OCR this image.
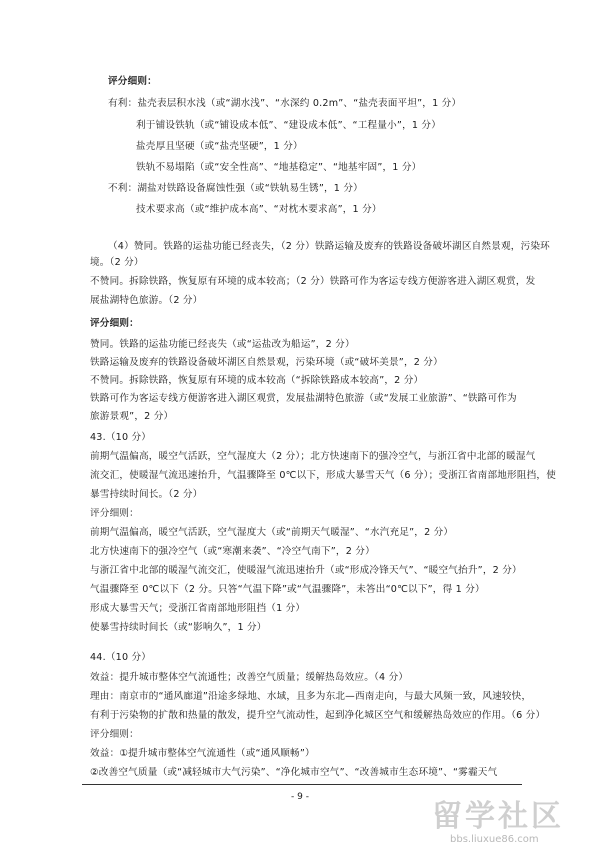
评分细则：
有利：盐壳表层积水浅（或“湖水浅”、“水深约 0.2m”、“盐壳表面平坦”，1 分）
利于铺设铁轨（或“铺设成本低”、“建设成本低”、“工程量小”，1 分）
盐壳厚且坚硬（或“盐壳坚硬”，1 分）
铁轨不易塌陷（或“安全性高”、“地基稳定”、“地基牢固”，1 分）
不利：湖盐对铁路设备腐蚀性强（或“铁轨易生锈”，1 分）
技术要求高（或“维护成本高”、“对枕木要求高”，1 分）
（4）赞同。铁路的运盐功能已经丧失，（2 分）铁路运输及废弃的铁路设备破坏湖区自然景观，污染环
境。（2 分）
不赞同。拆除铁路，恢复原有环境的成本较高；（2 分）铁路可作为客运专线方便游客进入湖区观赏，发
展盐湖特色旅游。（2 分）
评分细则：
赞同。铁路的运盐功能已经丧失（或“运盐改为船运”，2 分）
铁路运输及废弃的铁路设备破坏湖区自然景观，污染环境（或“破坏美景”，2 分）
不赞同。拆除铁路，恢复原有环境的成本较高（“拆除铁路成本较高”，2 分）
铁路可作为客运专线方便游客进入湖区观赏，发展盐湖特色旅游（或“发展工业旅游”、“铁路可作为
旅游景观”，2 分）
43.（10 分）
前期气温偏高，暖空气活跃，空气湿度大（2 分）；北方快速南下的强冷空气，与浙江省中北部的暖湿气
流交汇，使暖湿气流迅速抬升，气温骤降至 0℃以下，形成大暴雪天气（6 分）；受浙江省南部地形阻挡，使
暴雪持续时间长。（2 分）
评分细则：
前期气温偏高，暖空气活跃，空气湿度大（或“前期天气暖湿”、“水汽充足”，2 分）
北方快速南下的强冷空气（或“寒潮来袭”、“冷空气南下”，2 分）
与浙江省中北部的暖湿气流交汇，使暖湿气流迅速抬升（或“形成冷锋天气”、“暖空气抬升”，2 分）
气温骤降至 0℃以下（2 分。只答“气温下降”或“气温骤降”，未答出“0℃以下”，得 1 分）
形成大暴雪天气；受浙江省南部地形阻挡（1 分）
使暴雪持续时间长（或“影响久”，1 分）
44.（10 分）
效益：提升城市整体空气流通性；改善空气质量；缓解热岛效应。（4 分）
理由：南京市的“通风廊道”沿途多绿地、水域，且多为东北—西南走向，与最大风频一致，风速较快，
有利于污染物的扩散和热量的散发，提升空气流动性，起到净化城区空气和缓解热岛效应的作用。（6 分）
评分细则：
效益：①提升城市整体空气流通性（或“通风顺畅”）
②改善空气质量（或“减轻城市大气污染”、“净化城市空气”、“改善城市生态环境”、“雾霾天气
- 9 -
留学社区
bbs.liuxue86.com
